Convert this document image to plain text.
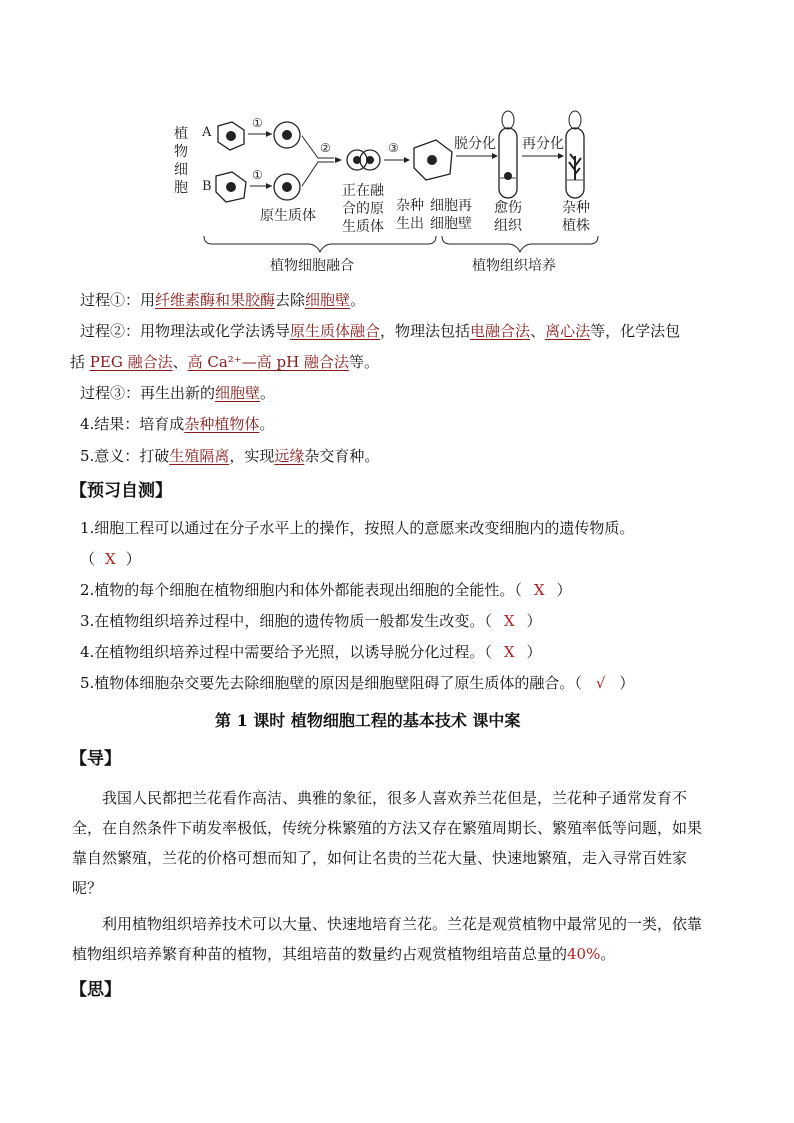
植
物
细
胞
A
①
B
①
原生质体
②
正在融
合的原
生质体
③
杂种
生出
细胞再
细胞壁
脱分化
愈伤
组织
再分化
杂种
植株
植物细胞融合	植物组织培养
过程①：用纤维素酶和果胶酶去除细胞壁。
过程②：用物理法或化学法诱导原生质体融合，物理法包括电融合法、离心法等，化学法包
括 PEG 融合法、高 Ca²⁺—高 pH 融合法等。
过程③：再生出新的细胞壁。
4.结果：培育成杂种植物体。
5.意义：打破生殖隔离，实现远缘杂交育种。
【预习自测】
1.细胞工程可以通过在分子水平上的操作，按照人的意愿来改变细胞内的遗传物质。
（ X ）
2.植物的每个细胞在植物细胞内和体外都能表现出细胞的全能性。（ X ）
3.在植物组织培养过程中，细胞的遗传物质一般都发生改变。（ X ）
4.在植物组织培养过程中需要给予光照，以诱导脱分化过程。（ X ）
5.植物体细胞杂交要先去除细胞壁的原因是细胞壁阻碍了原生质体的融合。（ √ ）
第 1 课时 植物细胞工程的基本技术 课中案
【导】
我国人民都把兰花看作高洁、典雅的象征，很多人喜欢养兰花但是，兰花种子通常发育不全，在自然条件下萌发率极低，传统分株繁殖的方法又存在繁殖周期长、繁殖率低等问题，如果靠自然繁殖，兰花的价格可想而知了，如何让名贵的兰花大量、快速地繁殖，走入寻常百姓家呢？
利用植物组织培养技术可以大量、快速地培育兰花。兰花是观赏植物中最常见的一类，依靠植物组织培养繁育种苗的植物，其组培苗的数量约占观赏植物组培苗总量的40%。
【思】
